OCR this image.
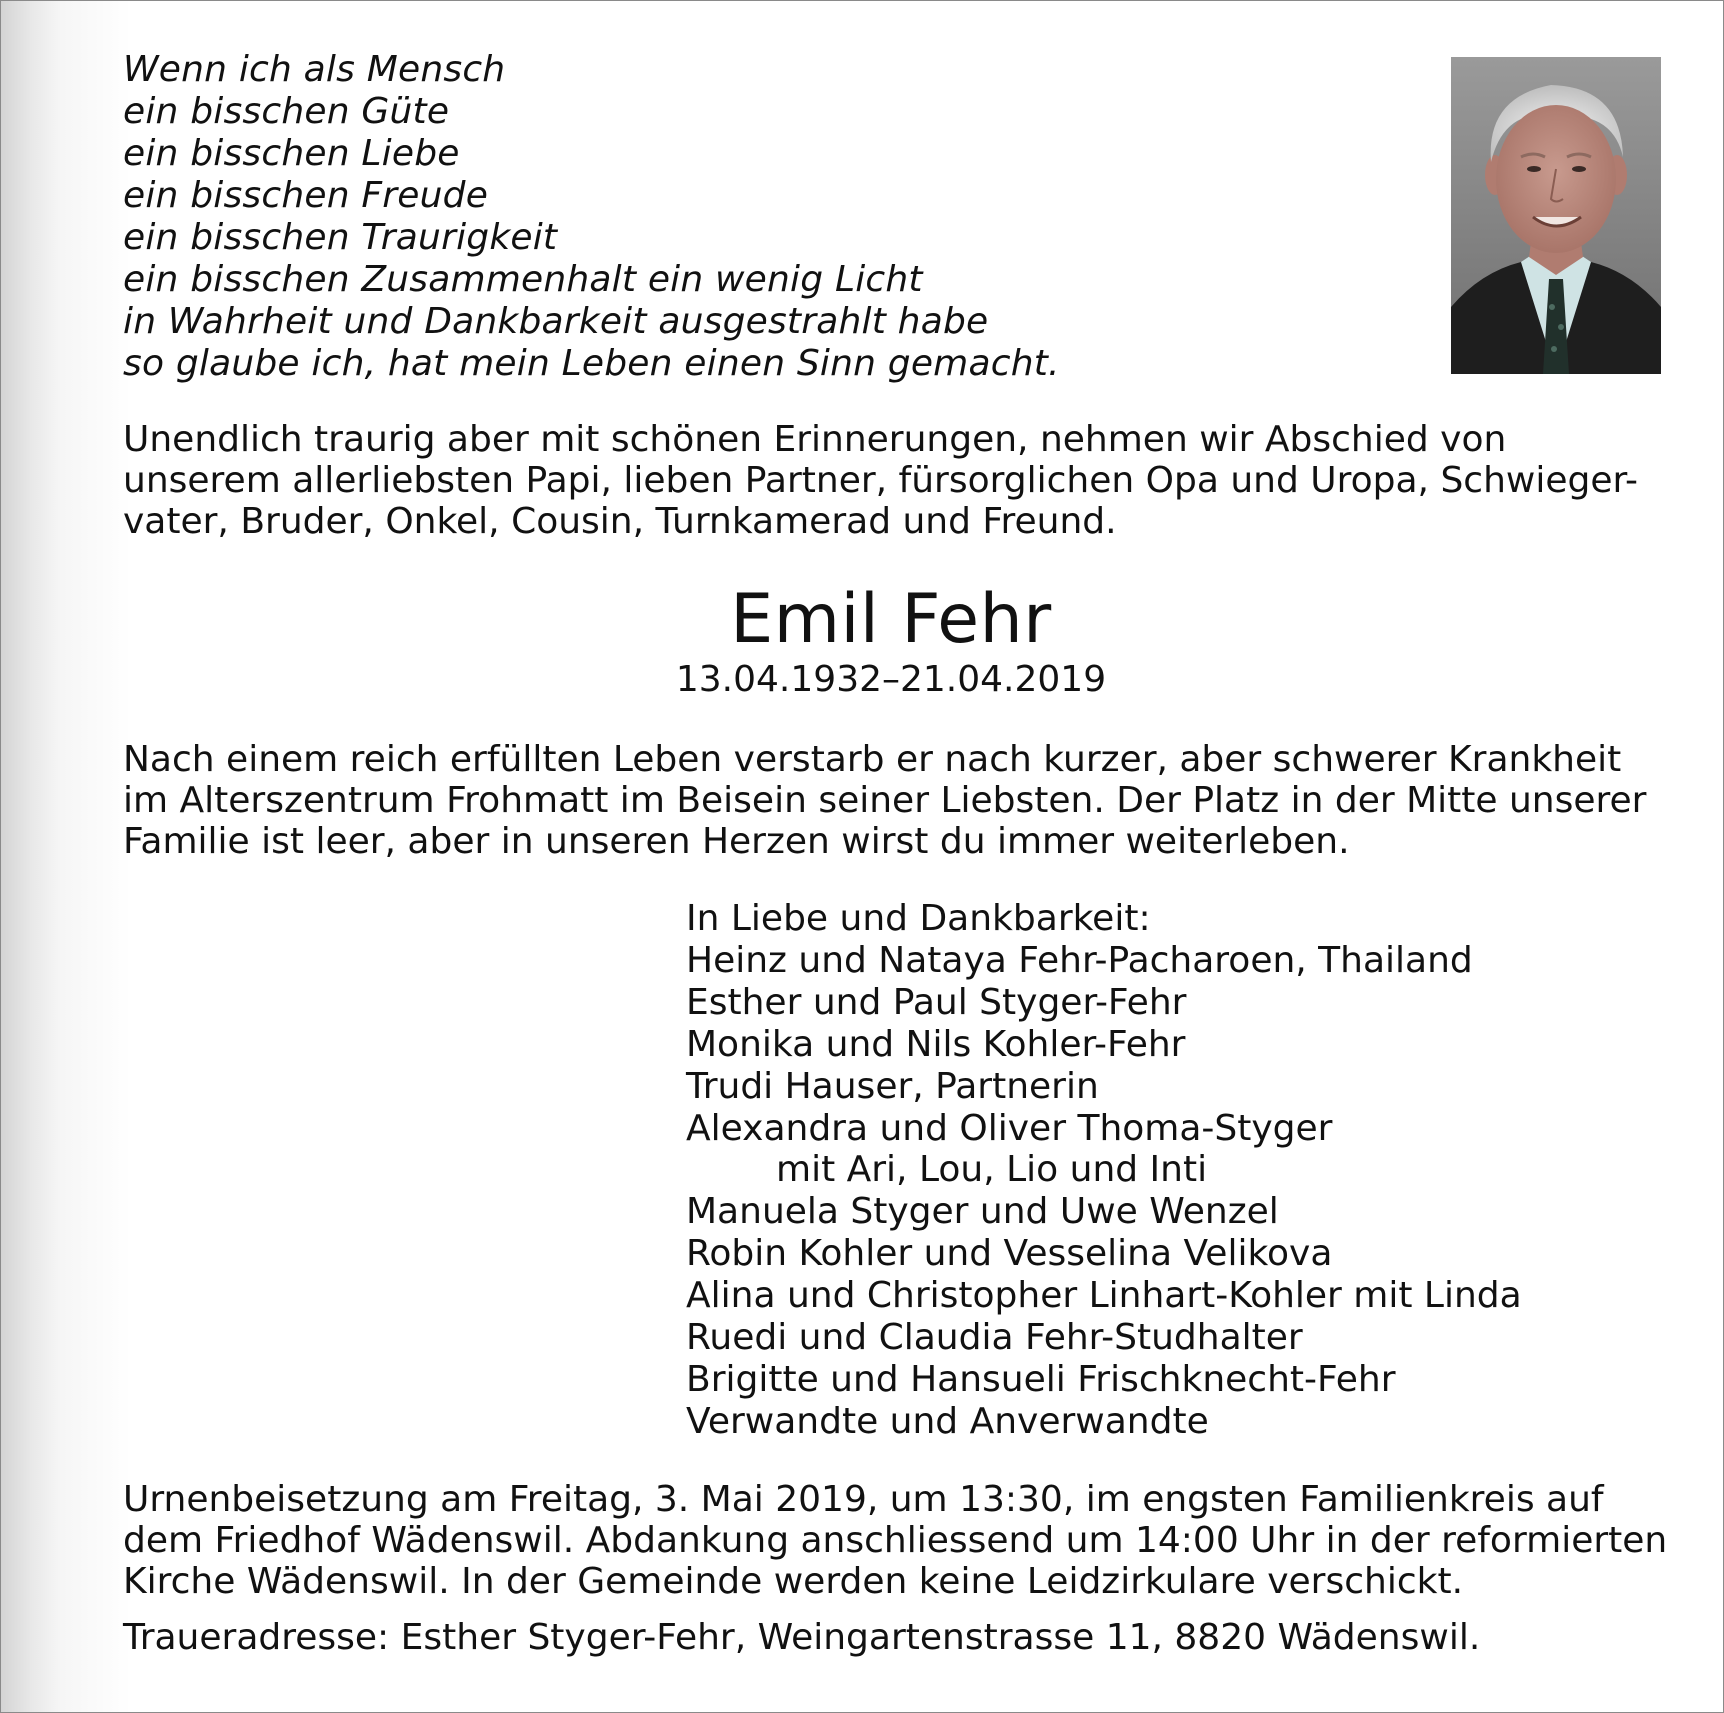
Wenn ich als Mensch
ein bisschen Güte
ein bisschen Liebe
ein bisschen Freude
ein bisschen Traurigkeit
ein bisschen Zusammenhalt ein wenig Licht
in Wahrheit und Dankbarkeit ausgestrahlt habe
so glaube ich, hat mein Leben einen Sinn gemacht.
Unendlich traurig aber mit schönen Erinnerungen, nehmen wir Abschied von
unserem allerliebsten Papi, lieben Partner, fürsorglichen Opa und Uropa, Schwieger-
vater, Bruder, Onkel, Cousin, Turnkamerad und Freund.
Emil Fehr
13.04.1932–21.04.2019
Nach einem reich erfüllten Leben verstarb er nach kurzer, aber schwerer Krankheit
im Alterszentrum Frohmatt im Beisein seiner Liebsten. Der Platz in der Mitte unserer
Familie ist leer, aber in unseren Herzen wirst du immer weiterleben.
In Liebe und Dankbarkeit:
Heinz und Nataya Fehr-Pacharoen, Thailand
Esther und Paul Styger-Fehr
Monika und Nils Kohler-Fehr
Trudi Hauser, Partnerin
Alexandra und Oliver Thoma-Styger
mit Ari, Lou, Lio und Inti
Manuela Styger und Uwe Wenzel
Robin Kohler und Vesselina Velikova
Alina und Christopher Linhart-Kohler mit Linda
Ruedi und Claudia Fehr-Studhalter
Brigitte und Hansueli Frischknecht-Fehr
Verwandte und Anverwandte
Urnenbeisetzung am Freitag, 3. Mai 2019, um 13:30, im engsten Familienkreis auf
dem Friedhof Wädenswil. Abdankung anschliessend um 14:00 Uhr in der reformierten
Kirche Wädenswil. In der Gemeinde werden keine Leidzirkulare verschickt.
Traueradresse: Esther Styger-Fehr, Weingartenstrasse 11, 8820 Wädenswil.
